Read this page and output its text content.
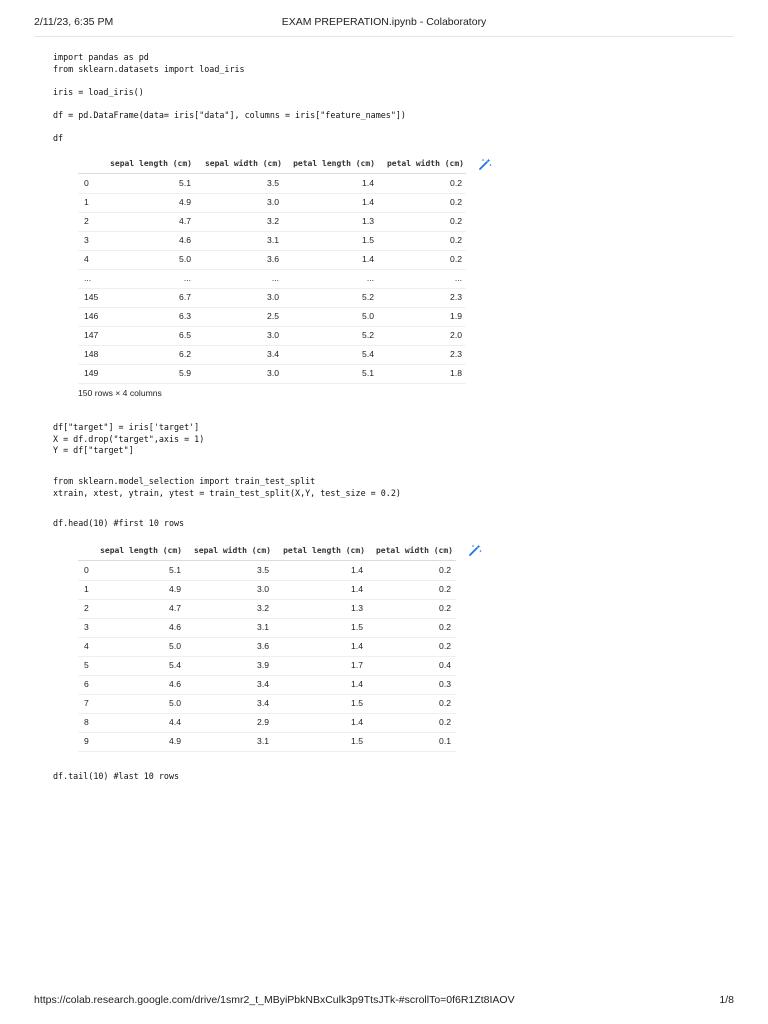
2/11/23, 6:35 PM	EXAM PREPERATION.ipynb - Colaboratory
import pandas as pd
from sklearn.datasets import load_iris
iris = load_iris()
df = pd.DataFrame(data= iris["data"], columns = iris["feature_names"])
df
sepal length (cm) sepal width (cm) petal length (cm) petal width (cm)
0	5.1	3.5	1.4	0.2
1	4.9	3.0	1.4	0.2
2	4.7	3.2	1.3	0.2
3	4.6	3.1	1.5	0.2
4	5.0	3.6	1.4	0.2
...	...	...	...	...
145	6.7	3.0	5.2	2.3
146	6.3	2.5	5.0	1.9
147	6.5	3.0	5.2	2.0
148	6.2	3.4	5.4	2.3
149	5.9	3.0	5.1	1.8
150 rows × 4 columns
df["target"] = iris['target']
X = df.drop("target",axis = 1)
Y = df["target"]
from sklearn.model_selection import train_test_split
xtrain, xtest, ytrain, ytest = train_test_split(X,Y, test_size = 0.2)
df.head(10) #first 10 rows
sepal length (cm) sepal width (cm) petal length (cm) petal width (cm)
0	5.1	3.5	1.4	0.2
1	4.9	3.0	1.4	0.2
2	4.7	3.2	1.3	0.2
3	4.6	3.1	1.5	0.2
4	5.0	3.6	1.4	0.2
5	5.4	3.9	1.7	0.4
6	4.6	3.4	1.4	0.3
7	5.0	3.4	1.5	0.2
8	4.4	2.9	1.4	0.2
9	4.9	3.1	1.5	0.1
df.tail(10) #last 10 rows
https://colab.research.google.com/drive/1smr2_t_MByiPbkNBxCulk3p9TtsJTk-#scrollTo=0f6R1Zt8IAOV	1/8
